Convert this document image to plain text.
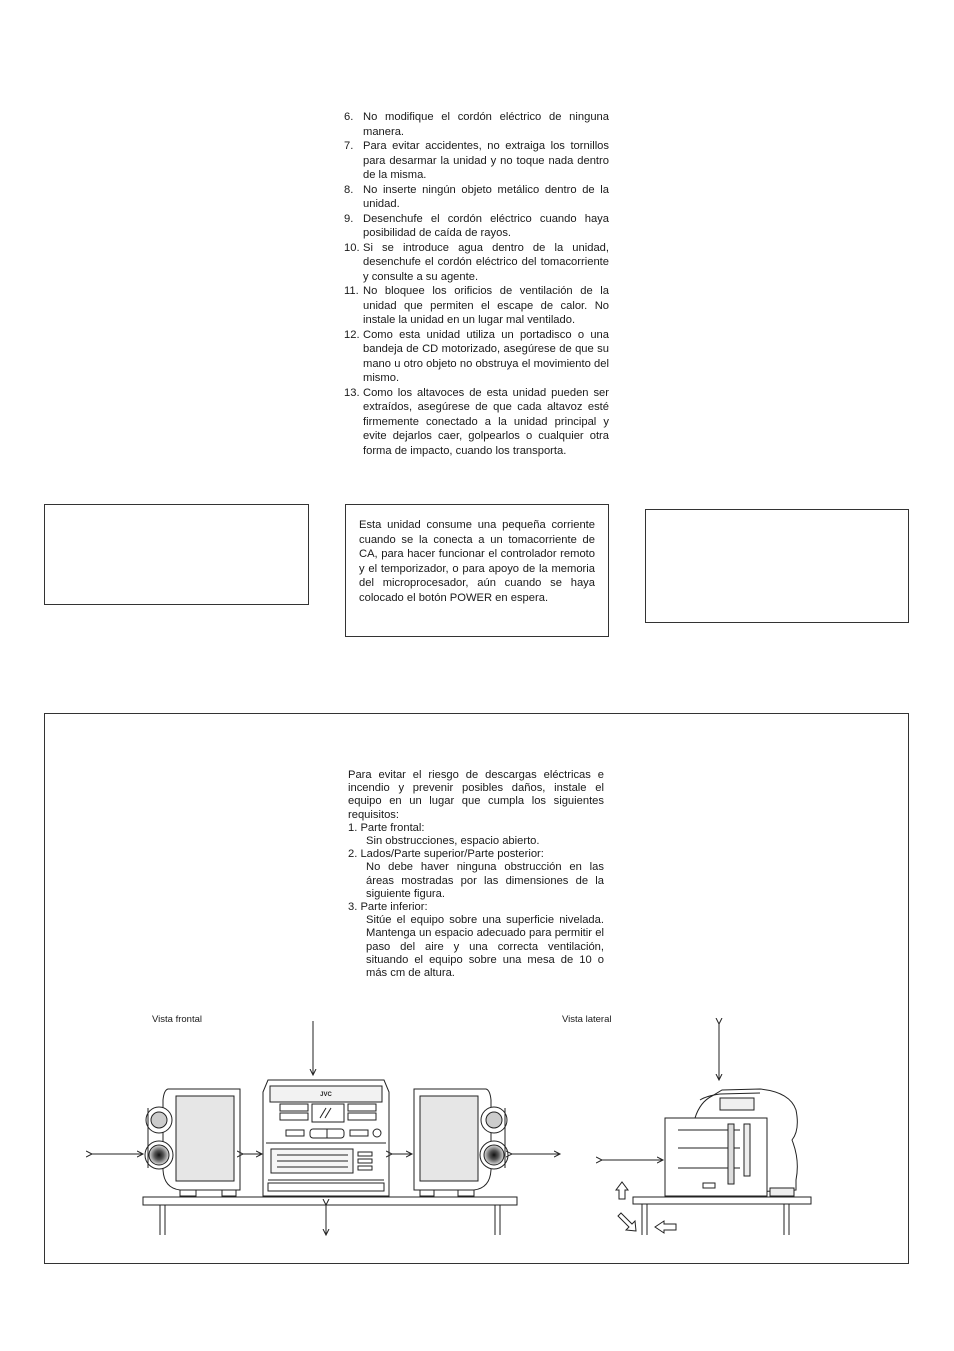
6. No modifique el cordón eléctrico de ninguna manera.
7. Para evitar accidentes, no extraiga los tornillos para desarmar la unidad y no toque nada dentro de la misma.
8. No inserte ningún objeto metálico dentro de la unidad.
9. Desenchufe el cordón eléctrico cuando haya posibilidad de caída de rayos.
10. Si se introduce agua dentro de la unidad, desenchufe el cordón eléctrico del tomacorriente y consulte a su agente.
11. No bloquee los orificios de ventilación de la unidad que permiten el escape de calor. No instale la unidad en un lugar mal ventilado.
12. Como esta unidad utiliza un portadisco o una bandeja de CD motorizado, asegúrese de que su mano u otro objeto no obstruya el movimiento del mismo.
13. Como los altavoces de esta unidad pueden ser extraídos, asegúrese de que cada altavoz esté firmemente conectado a la unidad principal y evite dejarlos caer, golpearlos o cualquier otra forma de impacto, cuando los transporta.
Esta unidad consume una pequeña corriente cuando se la conecta a un tomacorriente de CA, para hacer funcionar el controlador remoto y el temporizador, o para apoyo de la memoria del microprocesador, aún cuando se haya colocado el botón POWER en espera.

Para evitar el riesgo de descargas eléctricas e incendio y prevenir posibles daños, instale el equipo en un lugar que cumpla los siguientes requisitos:

1. Parte frontal:

Sin obstrucciones, espacio abierto.

2. Lados/Parte superior/Parte posterior:

No debe haver ninguna obstrucción en las áreas mostradas por las dimensiones de la siguiente figura.

3. Parte inferior:

Sitúe el equipo sobre una superficie nivelada. Mantenga un espacio adecuado para permitir el paso del aire y una correcta ventilación, situando el equipo sobre una mesa de 10 o más cm de altura.

Vista frontal	Vista lateral
JVC
